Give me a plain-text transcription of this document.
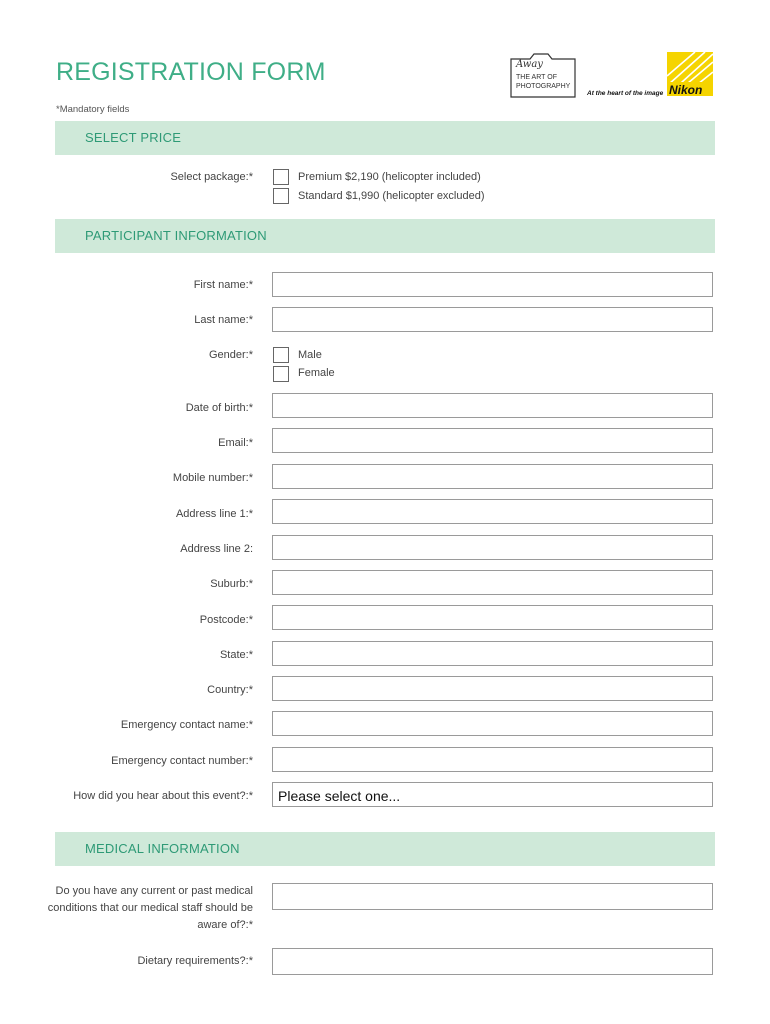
REGISTRATION FORM
*Mandatory fields
Away
THE ART OF
PHOTOGRAPHY	Nikon
At the heart of the image
SELECT PRICE
Select package:*	Premium $2,190 (helicopter included)
Standard $1,990 (helicopter excluded)
PARTICIPANT INFORMATION
First name:*
Last name:*
Gender:*	Male
Female
Date of birth:*
Email:*
Mobile number:*
Address line 1:*
Address line 2:
Suburb:*
Postcode:*
State:*
Country:*
Emergency contact name:*
Emergency contact number:*
How did you hear about this event?:*	Please select one...
MEDICAL INFORMATION
Do you have any current or past medical conditions that our medical staff should be aware of?:*
Dietary requirements?:*
